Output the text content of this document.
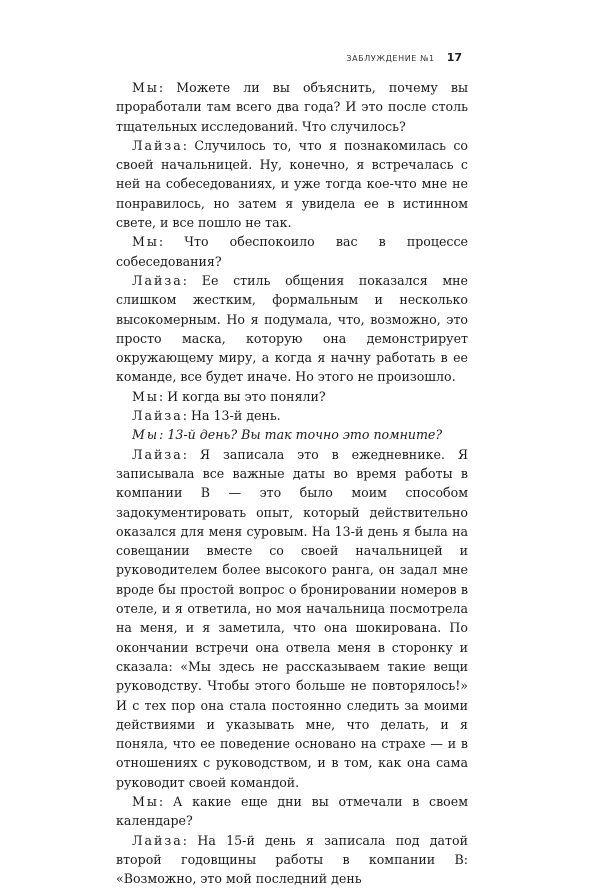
ЗАБЛУЖДЕНИЕ №1 17

Мы: Можете ли вы объяснить, почему вы проработали там всего два года? И это после столь тщательных исследований. Что случилось?

Лайза: Случилось то, что я познакомилась со своей начальницей. Ну, конечно, я встречалась с ней на собеседованиях, и уже тогда кое-что мне не понравилось, но затем я увидела ее в истинном свете, и все пошло не так.

Мы: Что обеспокоило вас в процессе собеседования?

Лайза: Ее стиль общения показался мне слишком жестким, формальным и несколько высокомерным. Но я подумала, что, возможно, это просто маска, которую она демонстрирует окружающему миру, а когда я начну работать в ее команде, все будет иначе. Но этого не произошло.

Мы: И когда вы это поняли?

Лайза: На 13-й день.

Мы: 13-й день? Вы так точно это помните?

Лайза: Я записала это в ежедневнике. Я записывала все важные даты во время работы в компании B — это было моим способом задокументировать опыт, который действительно оказался для меня суровым. На 13-й день я была на совещании вместе со своей начальницей и руководителем более высокого ранга, он задал мне вроде бы простой вопрос о бронировании номеров в отеле, и я ответила, но моя начальница посмотрела на меня, и я заметила, что она шокирована. По окончании встречи она отвела меня в сторонку и сказала: «Мы здесь не рассказываем такие вещи руководству. Чтобы этого больше не повторялось!» И с тех пор она стала постоянно следить за моими действиями и указывать мне, что делать, и я поняла, что ее поведение основано на страхе — и в отношениях с руководством, и в том, как она сама руководит своей командой.

Мы: А какие еще дни вы отмечали в своем календаре?

Лайза: На 15-й день я записала под датой второй годовщины работы в компании B: «Возможно, это мой последний день
